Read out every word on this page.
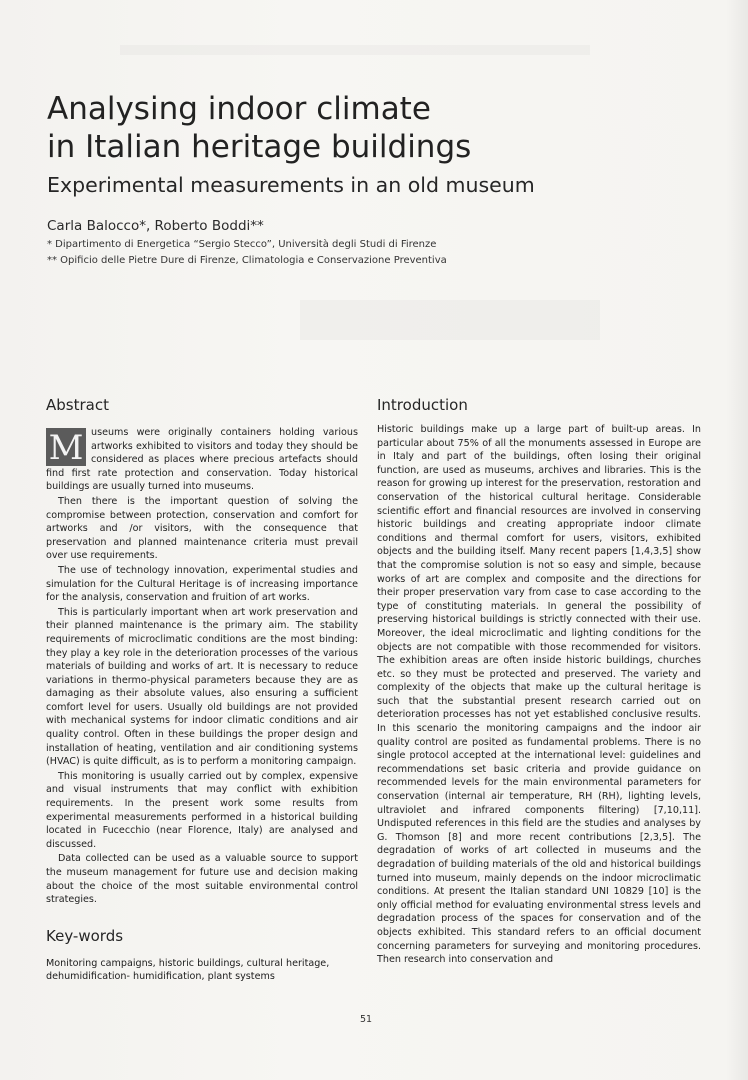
Analysing indoor climate
in Italian heritage buildings
Experimental measurements in an old museum

Carla Balocco*, Roberto Boddi**

* Dipartimento di Energetica “Sergio Stecco”, Università degli Studi di Firenze

** Opificio delle Pietre Dure di Firenze, Climatologia e Conservazione Preventiva

Abstract

M useums were originally containers holding various artworks exhibited to visitors and today they should be considered as places where precious artefacts should find first rate protection and conservation. Today historical buildings are usually turned into museums.

Then there is the important question of solving the compromise between protection, conservation and comfort for artworks and /or visitors, with the consequence that preservation and planned maintenance criteria must prevail over use requirements.

The use of technology innovation, experimental studies and simulation for the Cultural Heritage is of increasing importance for the analysis, conservation and fruition of art works.

This is particularly important when art work preservation and their planned maintenance is the primary aim. The stability requirements of microclimatic conditions are the most binding: they play a key role in the deterioration processes of the various materials of building and works of art. It is necessary to reduce variations in thermo-physical parameters because they are as damaging as their absolute values, also ensuring a sufficient comfort level for users. Usually old buildings are not provided with mechanical systems for indoor climatic conditions and air quality control. Often in these buildings the proper design and installation of heating, ventilation and air conditioning systems (HVAC) is quite difficult, as is to perform a monitoring campaign.

This monitoring is usually carried out by complex, expensive and visual instruments that may conflict with exhibition requirements. In the present work some results from experimental measurements performed in a historical building located in Fucecchio (near Florence, Italy) are analysed and discussed.

Data collected can be used as a valuable source to support the museum management for future use and decision making about the choice of the most suitable environmental control strategies.

Key-words

Monitoring campaigns, historic buildings, cultural heritage, dehumidification- humidification, plant systems

Introduction

Historic buildings make up a large part of built-up areas. In particular about 75% of all the monuments assessed in Europe are in Italy and part of the buildings, often losing their original function, are used as museums, archives and libraries. This is the reason for growing up interest for the preservation, restoration and conservation of the historical cultural heritage. Considerable scientific effort and financial resources are involved in conserving historic buildings and creating appropriate indoor climate conditions and thermal comfort for users, visitors, exhibited objects and the building itself. Many recent papers [1,4,3,5] show that the compromise solution is not so easy and simple, because works of art are complex and composite and the directions for their proper preservation vary from case to case according to the type of constituting materials. In general the possibility of preserving historical buildings is strictly connected with their use. Moreover, the ideal microclimatic and lighting conditions for the objects are not compatible with those recommended for visitors. The exhibition areas are often inside historic buildings, churches etc. so they must be protected and preserved. The variety and complexity of the objects that make up the cultural heritage is such that the substantial present research carried out on deterioration processes has not yet established conclusive results. In this scenario the monitoring campaigns and the indoor air quality control are posited as fundamental problems. There is no single protocol accepted at the international level: guidelines and recommendations set basic criteria and provide guidance on recommended levels for the main environmental parameters for conservation (internal air temperature, RH (RH), lighting levels, ultraviolet and infrared components filtering) [7,10,11]. Undisputed references in this field are the studies and analyses by G. Thomson [8] and more recent contributions [2,3,5]. The degradation of works of art collected in museums and the degradation of building materials of the old and historical buildings turned into museum, mainly depends on the indoor microclimatic conditions. At present the Italian standard UNI 10829 [10] is the only official method for evaluating environmental stress levels and degradation process of the spaces for conservation and of the objects exhibited. This standard refers to an official document concerning parameters for surveying and monitoring procedures. Then research into conservation and

51
